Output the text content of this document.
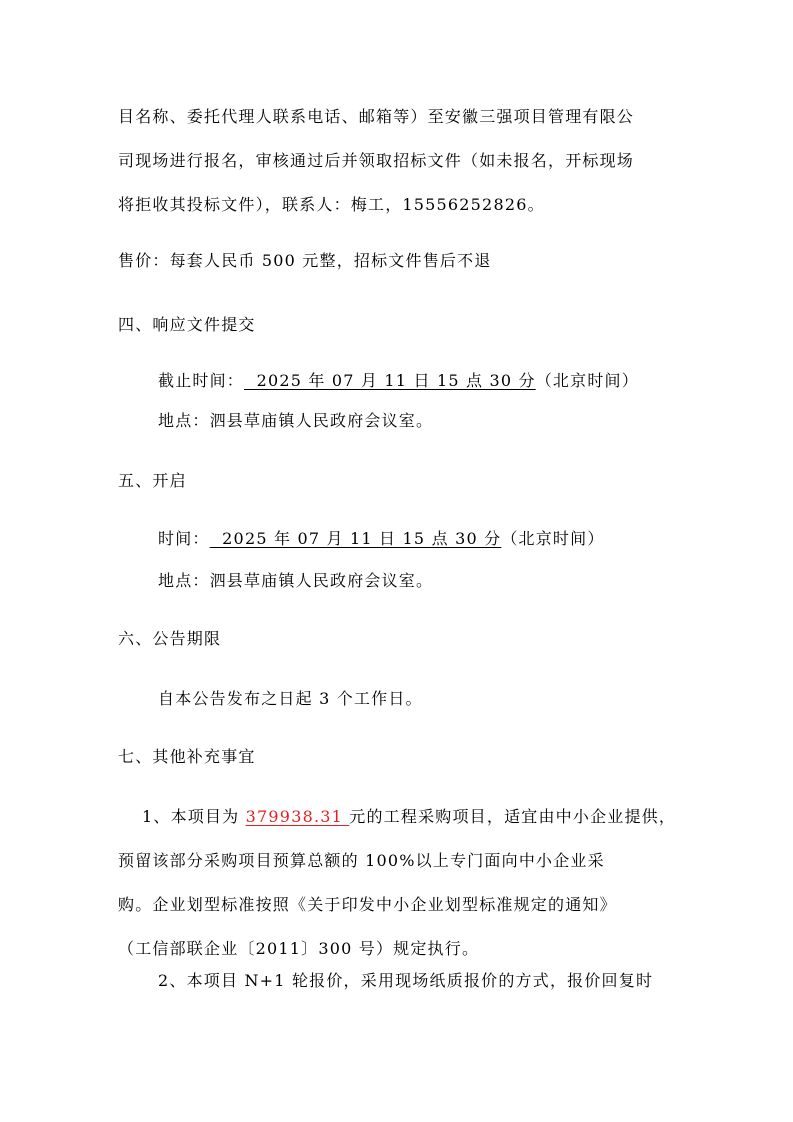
目名称、委托代理人联系电话、邮箱等）至安徽三强项目管理有限公
司现场进行报名，审核通过后并领取招标文件（如未报名，开标现场
将拒收其投标文件），联系人：梅工，15556252826。
售价：每套人民币 500 元整，招标文件售后不退
四、响应文件提交
截止时间：  2025 年 07 月 11 日 15 点 30 分（北京时间）
地点：泗县草庙镇人民政府会议室。
五、开启
时间：  2025 年 07 月 11 日 15 点 30 分（北京时间）
地点：泗县草庙镇人民政府会议室。
六、公告期限
自本公告发布之日起 3 个工作日。
七、其他补充事宜
1、本项目为 379938.31 元的工程采购项目，适宜由中小企业提供，
预留该部分采购项目预算总额的 100%以上专门面向中小企业采
购。企业划型标准按照《关于印发中小企业划型标准规定的通知》
（工信部联企业〔2011〕300 号）规定执行。
2、本项目 N+1 轮报价，采用现场纸质报价的方式，报价回复时
